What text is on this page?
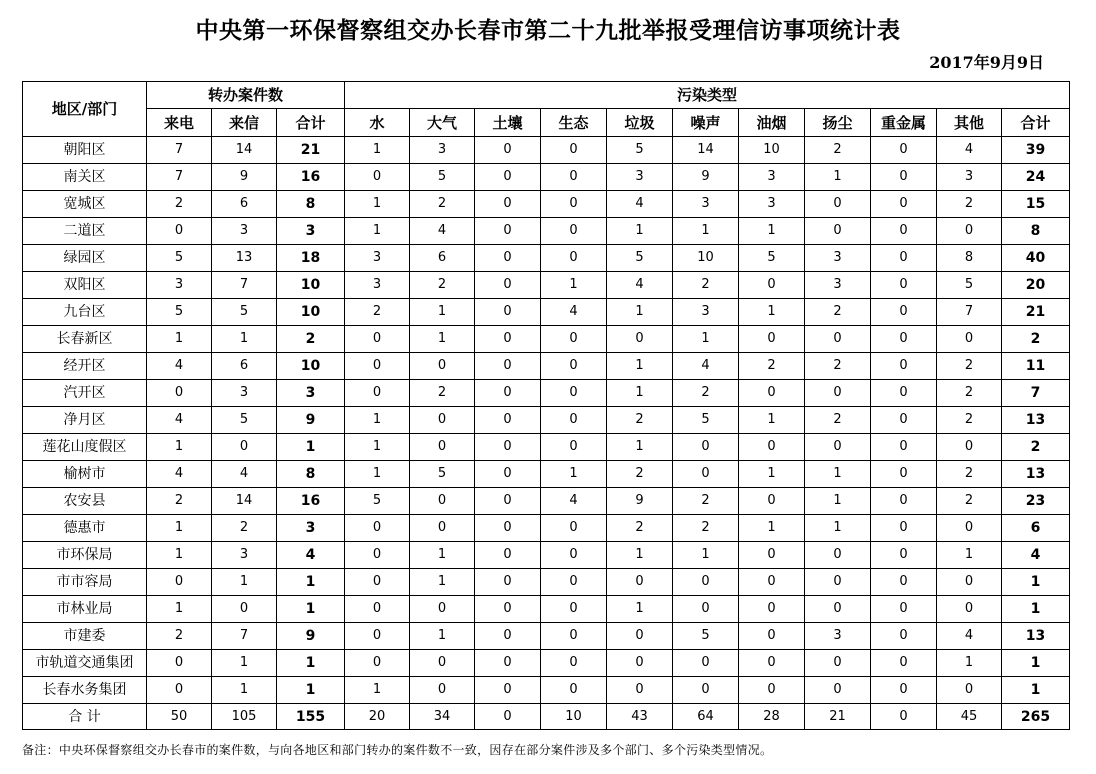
中央第一环保督察组交办长春市第二十九批举报受理信访事项统计表
2017年9月9日
地区/部门	转办案件数			污染类型										
	来电	来信	合计	水	大气	土壤	生态	垃圾	噪声	油烟	扬尘	重金属	其他	合计
朝阳区	7	14	21	1	3	0	0	5	14	10	2	0	4	39
南关区	7	9	16	0	5	0	0	3	9	3	1	0	3	24
宽城区	2	6	8	1	2	0	0	4	3	3	0	0	2	15
二道区	0	3	3	1	4	0	0	1	1	1	0	0	0	8
绿园区	5	13	18	3	6	0	0	5	10	5	3	0	8	40
双阳区	3	7	10	3	2	0	1	4	2	0	3	0	5	20
九台区	5	5	10	2	1	0	4	1	3	1	2	0	7	21
长春新区	1	1	2	0	1	0	0	0	1	0	0	0	0	2
经开区	4	6	10	0	0	0	0	1	4	2	2	0	2	11
汽开区	0	3	3	0	2	0	0	1	2	0	0	0	2	7
净月区	4	5	9	1	0	0	0	2	5	1	2	0	2	13
莲花山度假区	1	0	1	1	0	0	0	1	0	0	0	0	0	2
榆树市	4	4	8	1	5	0	1	2	0	1	1	0	2	13
农安县	2	14	16	5	0	0	4	9	2	0	1	0	2	23
德惠市	1	2	3	0	0	0	0	2	2	1	1	0	0	6
市环保局	1	3	4	0	1	0	0	1	1	0	0	0	1	4
市市容局	0	1	1	0	1	0	0	0	0	0	0	0	0	1
市林业局	1	0	1	0	0	0	0	1	0	0	0	0	0	1
市建委	2	7	9	0	1	0	0	0	5	0	3	0	4	13
市轨道交通集团	0	1	1	0	0	0	0	0	0	0	0	0	1	1
长春水务集团	0	1	1	1	0	0	0	0	0	0	0	0	0	1
合 计	50	105	155	20	34	0	10	43	64	28	21	0	45	265
备注：中央环保督察组交办长春市的案件数，与向各地区和部门转办的案件数不一致，因存在部分案件涉及多个部门、多个污染类型情况。
